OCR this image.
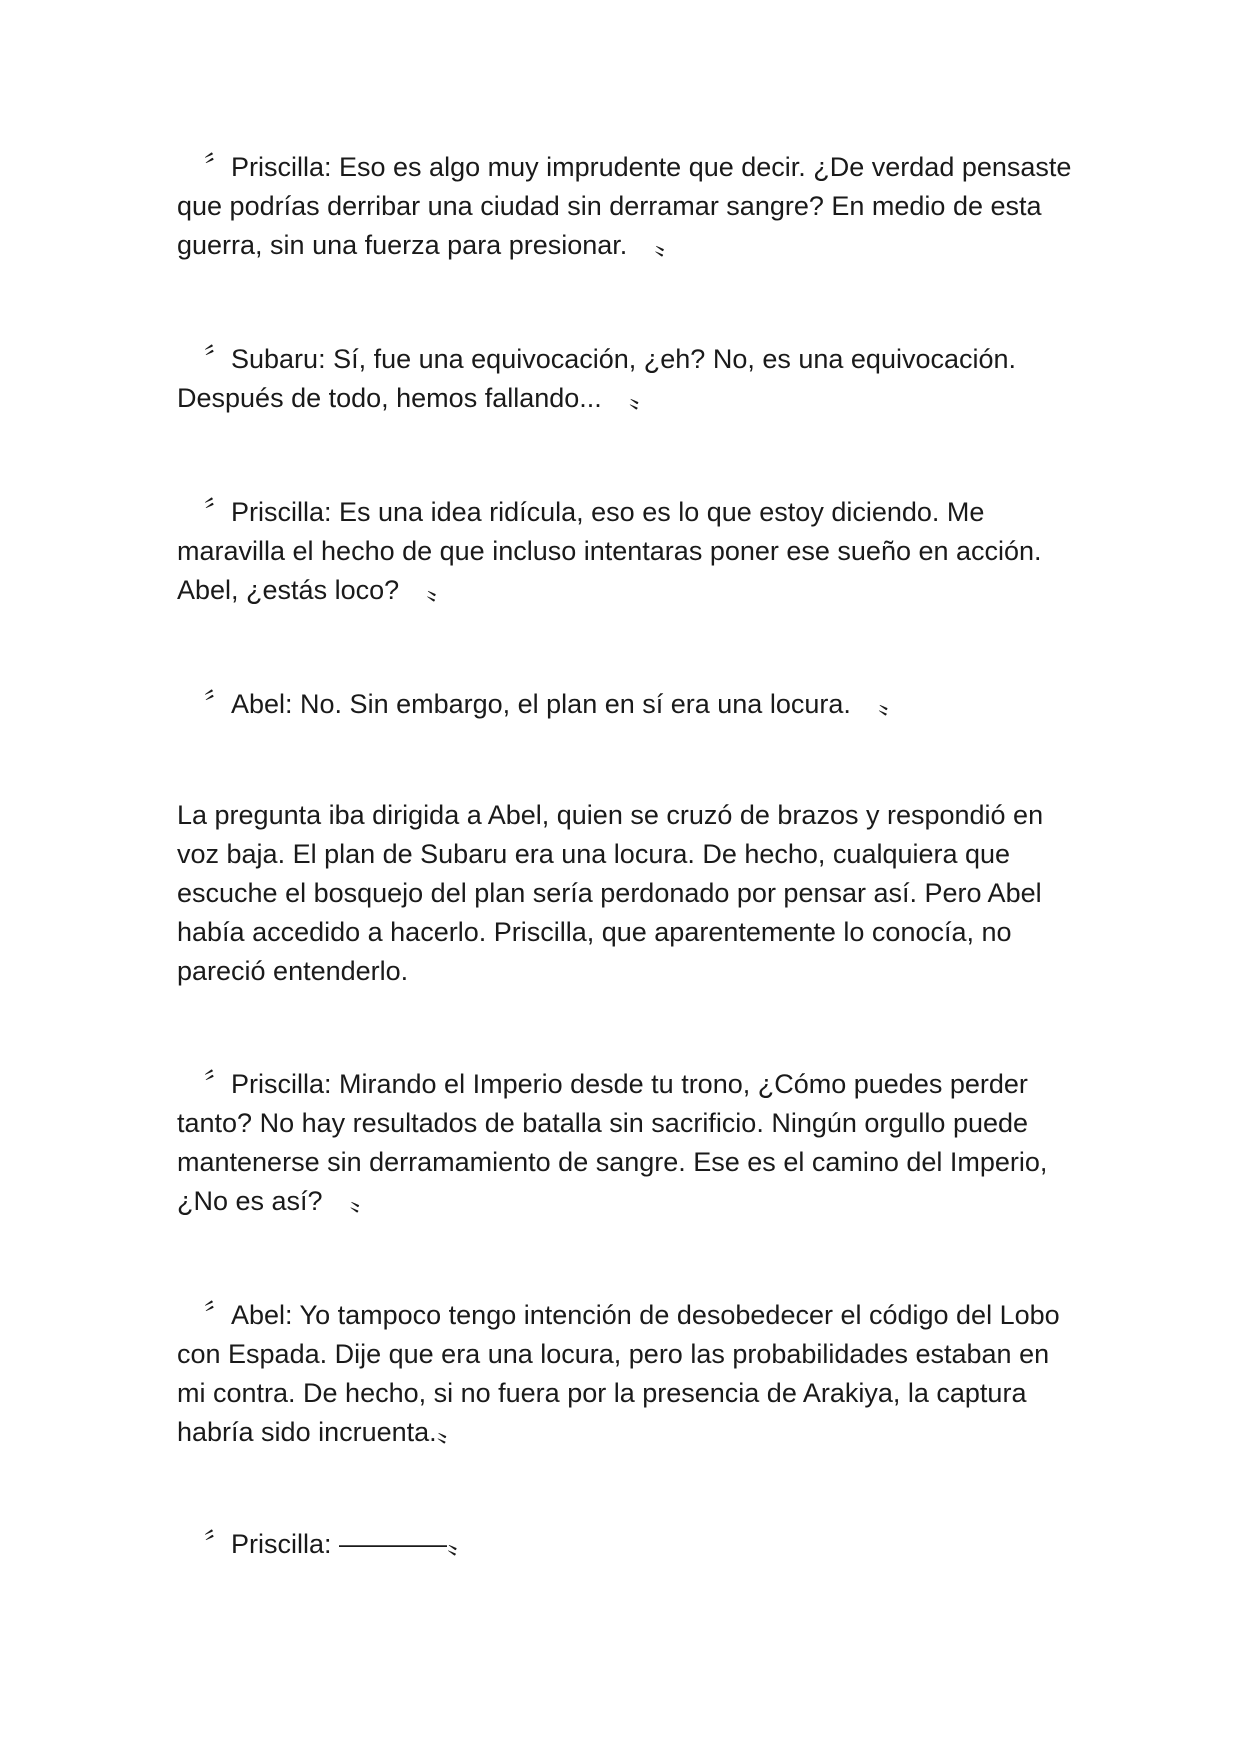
　〞Priscilla: Eso es algo muy imprudente que decir. ¿De verdad pensaste que podrías derribar una ciudad sin derramar sangre? En medio de esta guerra, sin una fuerza para presionar.　〟

　〞Subaru: Sí, fue una equivocación, ¿eh? No, es una equivocación. Después de todo, hemos fallando...　〟

　〞Priscilla: Es una idea ridícula, eso es lo que estoy diciendo. Me maravilla el hecho de que incluso intentaras poner ese sueño en acción. Abel, ¿estás loco?　〟

　〞Abel: No. Sin embargo, el plan en sí era una locura.　〟

La pregunta iba dirigida a Abel, quien se cruzó de brazos y respondió en voz baja. El plan de Subaru era una locura. De hecho, cualquiera que escuche el bosquejo del plan sería perdonado por pensar así. Pero Abel había accedido a hacerlo. Priscilla, que aparentemente lo conocía, no pareció entenderlo.

　〞Priscilla: Mirando el Imperio desde tu trono, ¿Cómo puedes perder tanto? No hay resultados de batalla sin sacrificio. Ningún orgullo puede mantenerse sin derramamiento de sangre. Ese es el camino del Imperio, ¿No es así?　〟

　〞Abel: Yo tampoco tengo intención de desobedecer el código del Lobo con Espada. Dije que era una locura, pero las probabilidades estaban en mi contra. De hecho, si no fuera por la presencia de Arakiya, la captura habría sido incruenta.〟

　〞Priscilla: ————〟
